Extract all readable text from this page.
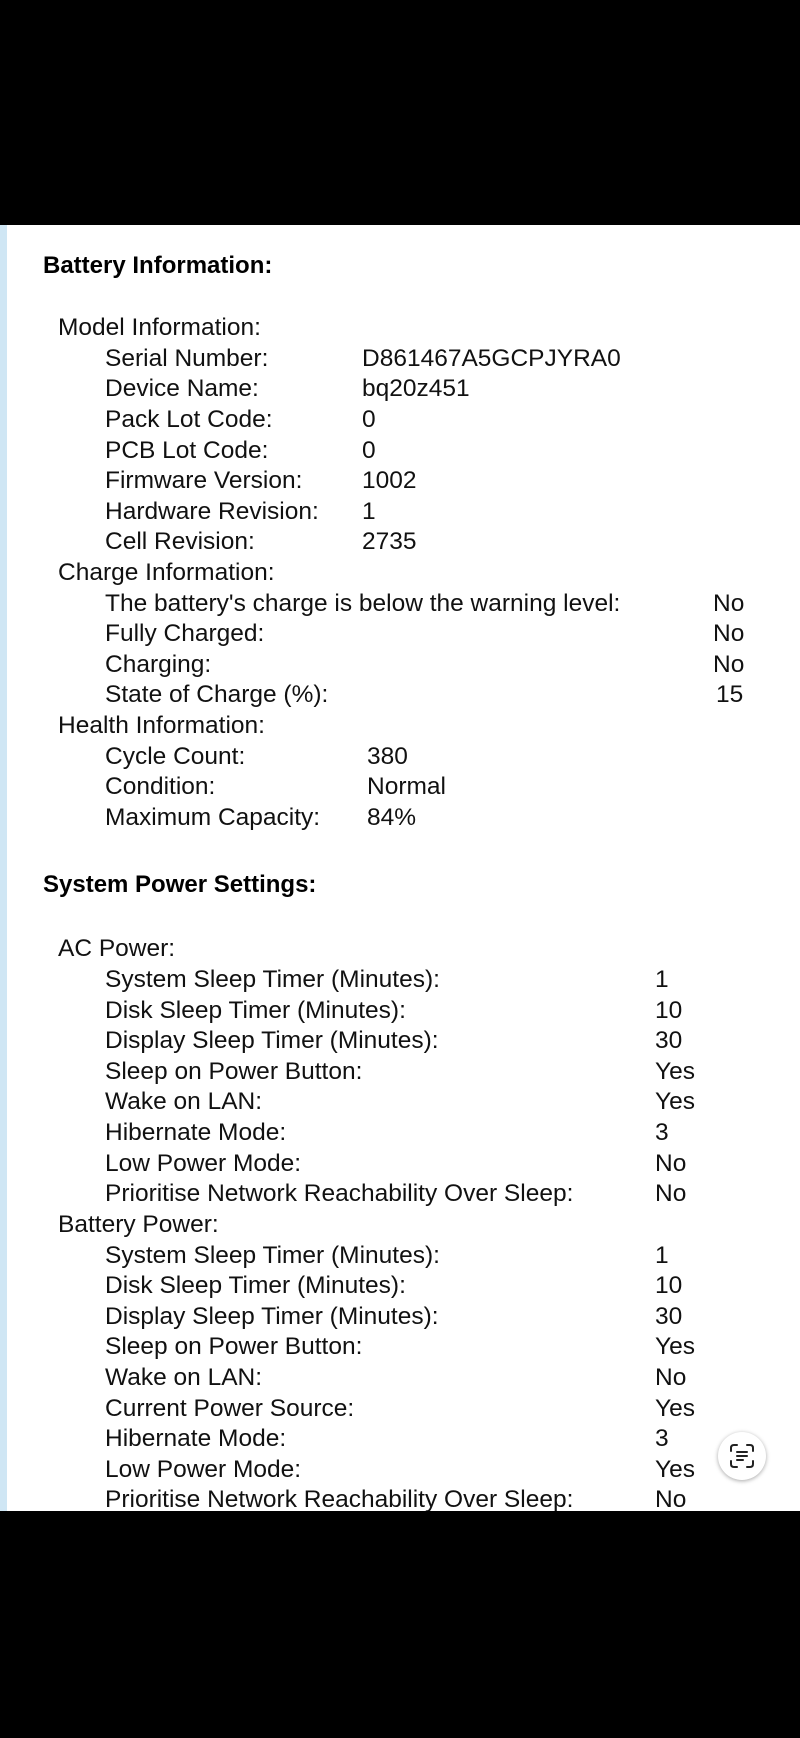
Battery Information:
Model Information:
Serial Number:	D861467A5GCPJYRA0
Device Name:	bq20z451
Pack Lot Code:	0
PCB Lot Code:	0
Firmware Version: 1002
Hardware Revision: 1
Cell Revision:	2735
Charge Information:
The battery's charge is below the warning level:	No
Fully Charged:	No
Charging:	No
State of Charge (%):	15
Health Information:
Cycle Count:	380
Condition:	Normal
Maximum Capacity: 84%
System Power Settings:
AC Power:
System Sleep Timer (Minutes):	1
Disk Sleep Timer (Minutes):	10
Display Sleep Timer (Minutes):	30
Sleep on Power Button:	Yes
Wake on LAN:	Yes
Hibernate Mode:	3
Low Power Mode:	No
Prioritise Network Reachability Over Sleep:	No
Battery Power:
System Sleep Timer (Minutes):	1
Disk Sleep Timer (Minutes):	10
Display Sleep Timer (Minutes):	30
Sleep on Power Button:	Yes
Wake on LAN:	No
Current Power Source:	Yes
Hibernate Mode:	3
Low Power Mode:	Yes
Prioritise Network Reachability Over Sleep:	No
